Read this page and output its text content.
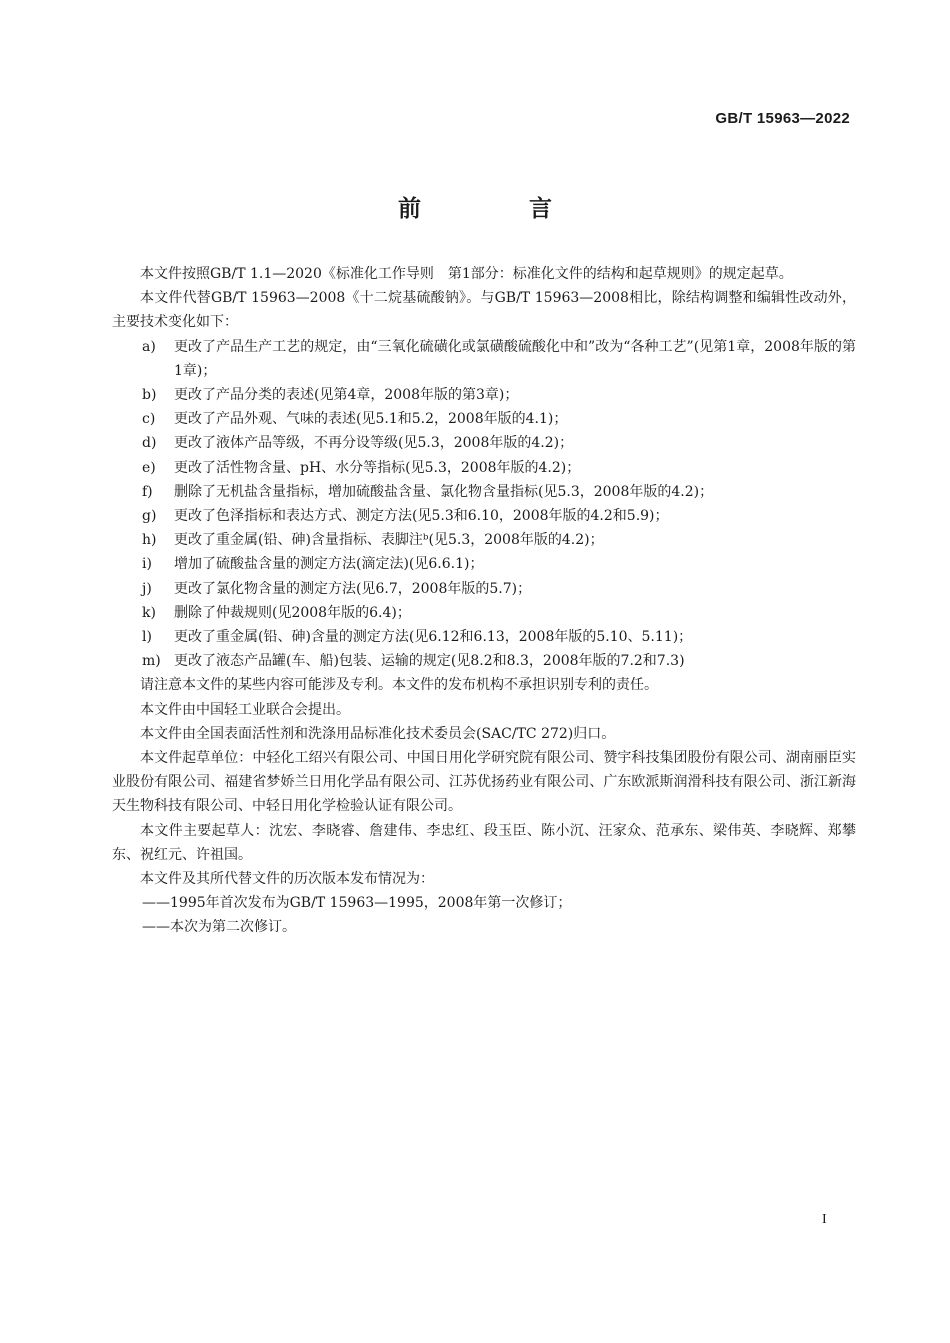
GB/T 15963—2022
前 言

本文件按照GB/T 1.1—2020《标准化工作导则　第1部分：标准化文件的结构和起草规则》的规定起草。

本文件代替GB/T 15963—2008《十二烷基硫酸钠》。与GB/T 15963—2008相比，除结构调整和编辑性改动外，主要技术变化如下：

a)	更改了产品生产工艺的规定，由“三氧化硫磺化或氯磺酸硫酸化中和”改为“各种工艺”(见第1章，2008年版的第1章)；
b)	更改了产品分类的表述(见第4章，2008年版的第3章)；
c)	更改了产品外观、气味的表述(见5.1和5.2，2008年版的4.1)；
d)	更改了液体产品等级，不再分设等级(见5.3，2008年版的4.2)；
e)	更改了活性物含量、pH、水分等指标(见5.3，2008年版的4.2)；
f)	删除了无机盐含量指标，增加硫酸盐含量、氯化物含量指标(见5.3，2008年版的4.2)；
g)	更改了色泽指标和表达方式、测定方法(见5.3和6.10，2008年版的4.2和5.9)；
h)	更改了重金属(铅、砷)含量指标、表脚注ᵇ(见5.3，2008年版的4.2)；
i)	增加了硫酸盐含量的测定方法(滴定法)(见6.6.1)；
j)	更改了氯化物含量的测定方法(见6.7，2008年版的5.7)；
k)	删除了仲裁规则(见2008年版的6.4)；
l)	更改了重金属(铅、砷)含量的测定方法(见6.12和6.13，2008年版的5.10、5.11)；
m) 更改了液态产品罐(车、船)包装、运输的规定(见8.2和8.3，2008年版的7.2和7.3)

请注意本文件的某些内容可能涉及专利。本文件的发布机构不承担识别专利的责任。

本文件由中国轻工业联合会提出。

本文件由全国表面活性剂和洗涤用品标准化技术委员会(SAC/TC 272)归口。

本文件起草单位：中轻化工绍兴有限公司、中国日用化学研究院有限公司、赞宇科技集团股份有限公司、湖南丽臣实业股份有限公司、福建省梦娇兰日用化学品有限公司、江苏优扬药业有限公司、广东欧派斯润滑科技有限公司、浙江新海天生物科技有限公司、中轻日用化学检验认证有限公司。

本文件主要起草人：沈宏、李晓睿、詹建伟、李忠红、段玉臣、陈小沉、汪家众、范承东、梁伟英、李晓辉、郑攀东、祝红元、许祖国。

本文件及其所代替文件的历次版本发布情况为：

——1995年首次发布为GB/T 15963—1995，2008年第一次修订；

——本次为第二次修订。

I
